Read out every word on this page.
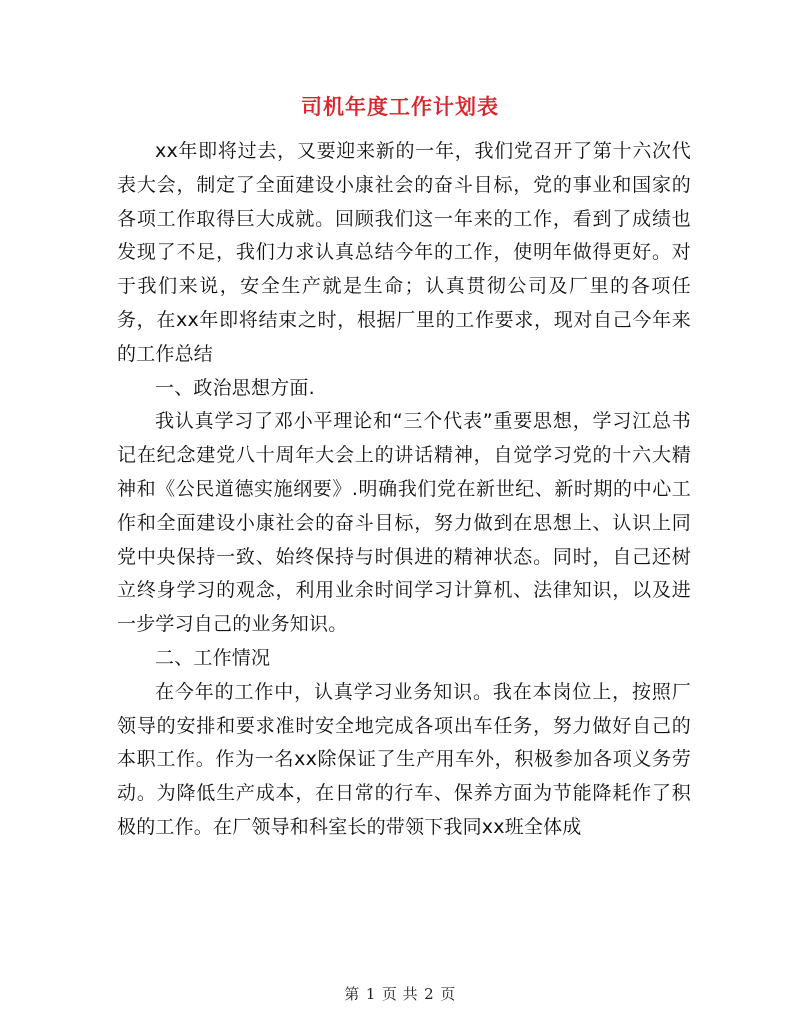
司机年度工作计划表

xx年即将过去，又要迎来新的一年，我们党召开了第十六次代表大会，制定了全面建设小康社会的奋斗目标，党的事业和国家的各项工作取得巨大成就。回顾我们这一年来的工作，看到了成绩也发现了不足，我们力求认真总结今年的工作，使明年做得更好。对于我们来说，安全生产就是生命；认真贯彻公司及厂里的各项任务，在xx年即将结束之时，根据厂里的工作要求，现对自己今年来的工作总结

一、政治思想方面.

我认真学习了邓小平理论和“三个代表”重要思想，学习江总书记在纪念建党八十周年大会上的讲话精神，自觉学习党的十六大精神和《公民道德实施纲要》.明确我们党在新世纪、新时期的中心工作和全面建设小康社会的奋斗目标，努力做到在思想上、认识上同党中央保持一致、始终保持与时俱进的精神状态。同时，自己还树立终身学习的观念，利用业余时间学习计算机、法律知识，以及进一步学习自己的业务知识。

二、工作情况

在今年的工作中，认真学习业务知识。我在本岗位上，按照厂领导的安排和要求准时安全地完成各项出车任务，努力做好自己的本职工作。作为一名xx除保证了生产用车外，积极参加各项义务劳动。为降低生产成本，在日常的行车、保养方面为节能降耗作了积极的工作。在厂领导和科室长的带领下我同xx班全体成

第 1 页 共 2 页
